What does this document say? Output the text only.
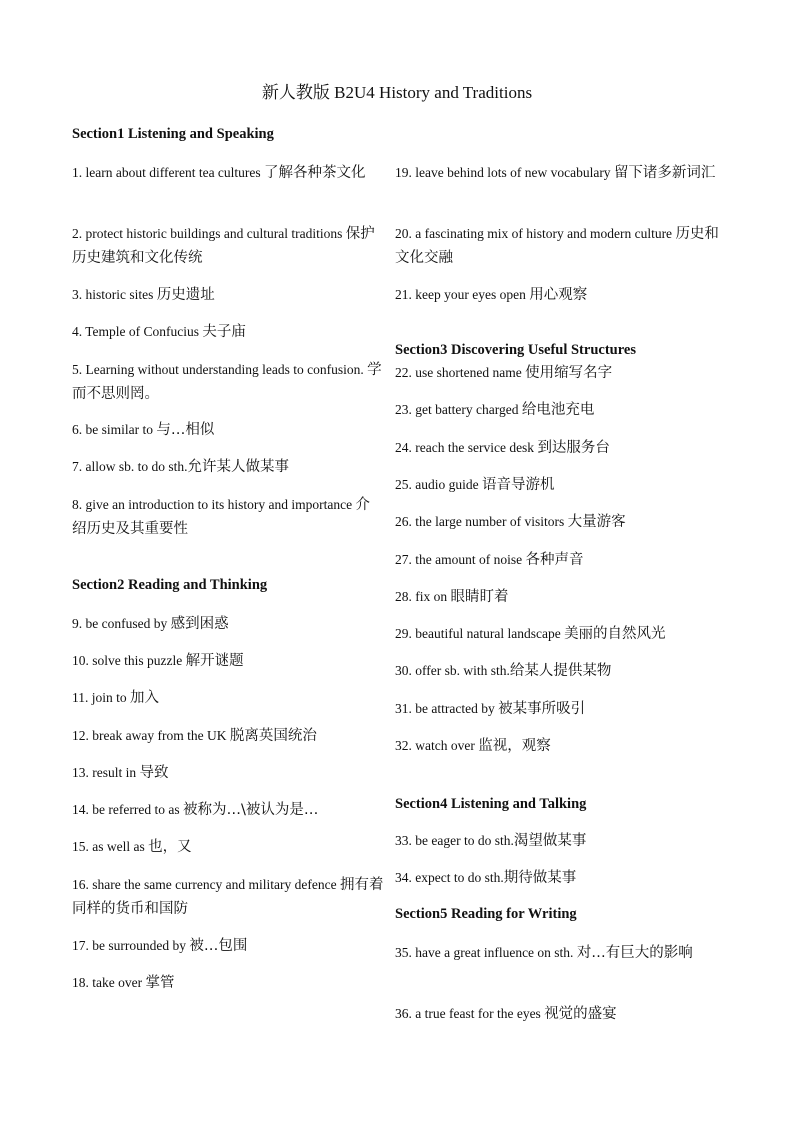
新人教版 B2U4 History and Traditions
Section1 Listening and Speaking
1. learn about different tea cultures 了解各种茶文化
2. protect historic buildings and cultural traditions 保护历史建筑和文化传统
3. historic sites 历史遗址
4. Temple of Confucius 夫子庙
5. Learning without understanding leads to confusion. 学而不思则罔。
6. be similar to 与…相似
7. allow sb. to do sth.允许某人做某事
8. give an introduction to its history and importance 介绍历史及其重要性
Section2 Reading and Thinking
9. be confused by 感到困惑
10. solve this puzzle 解开谜题
11. join to 加入
12. break away from the UK 脱离英国统治
13. result in 导致
14. be referred to as 被称为…\被认为是…
15. as well as 也，又
16. share the same currency and military defence 拥有着同样的货币和国防
17. be surrounded by 被…包围
18. take over 掌管
19. leave behind lots of new vocabulary 留下诸多新词汇
20. a fascinating mix of history and modern culture 历史和文化交融
21. keep your eyes open 用心观察
Section3 Discovering Useful Structures
22. use shortened name 使用缩写名字
23. get battery charged 给电池充电
24. reach the service desk 到达服务台
25. audio guide 语音导游机
26. the large number of visitors 大量游客
27. the amount of noise 各种声音
28. fix on 眼睛盯着
29. beautiful natural landscape 美丽的自然风光
30. offer sb. with sth.给某人提供某物
31. be attracted by 被某事所吸引
32. watch over 监视，观察
Section4 Listening and Talking
33. be eager to do sth.渴望做某事
34. expect to do sth.期待做某事
Section5 Reading for Writing
35. have a great influence on sth. 对…有巨大的影响
36. a true feast for the eyes 视觉的盛宴
